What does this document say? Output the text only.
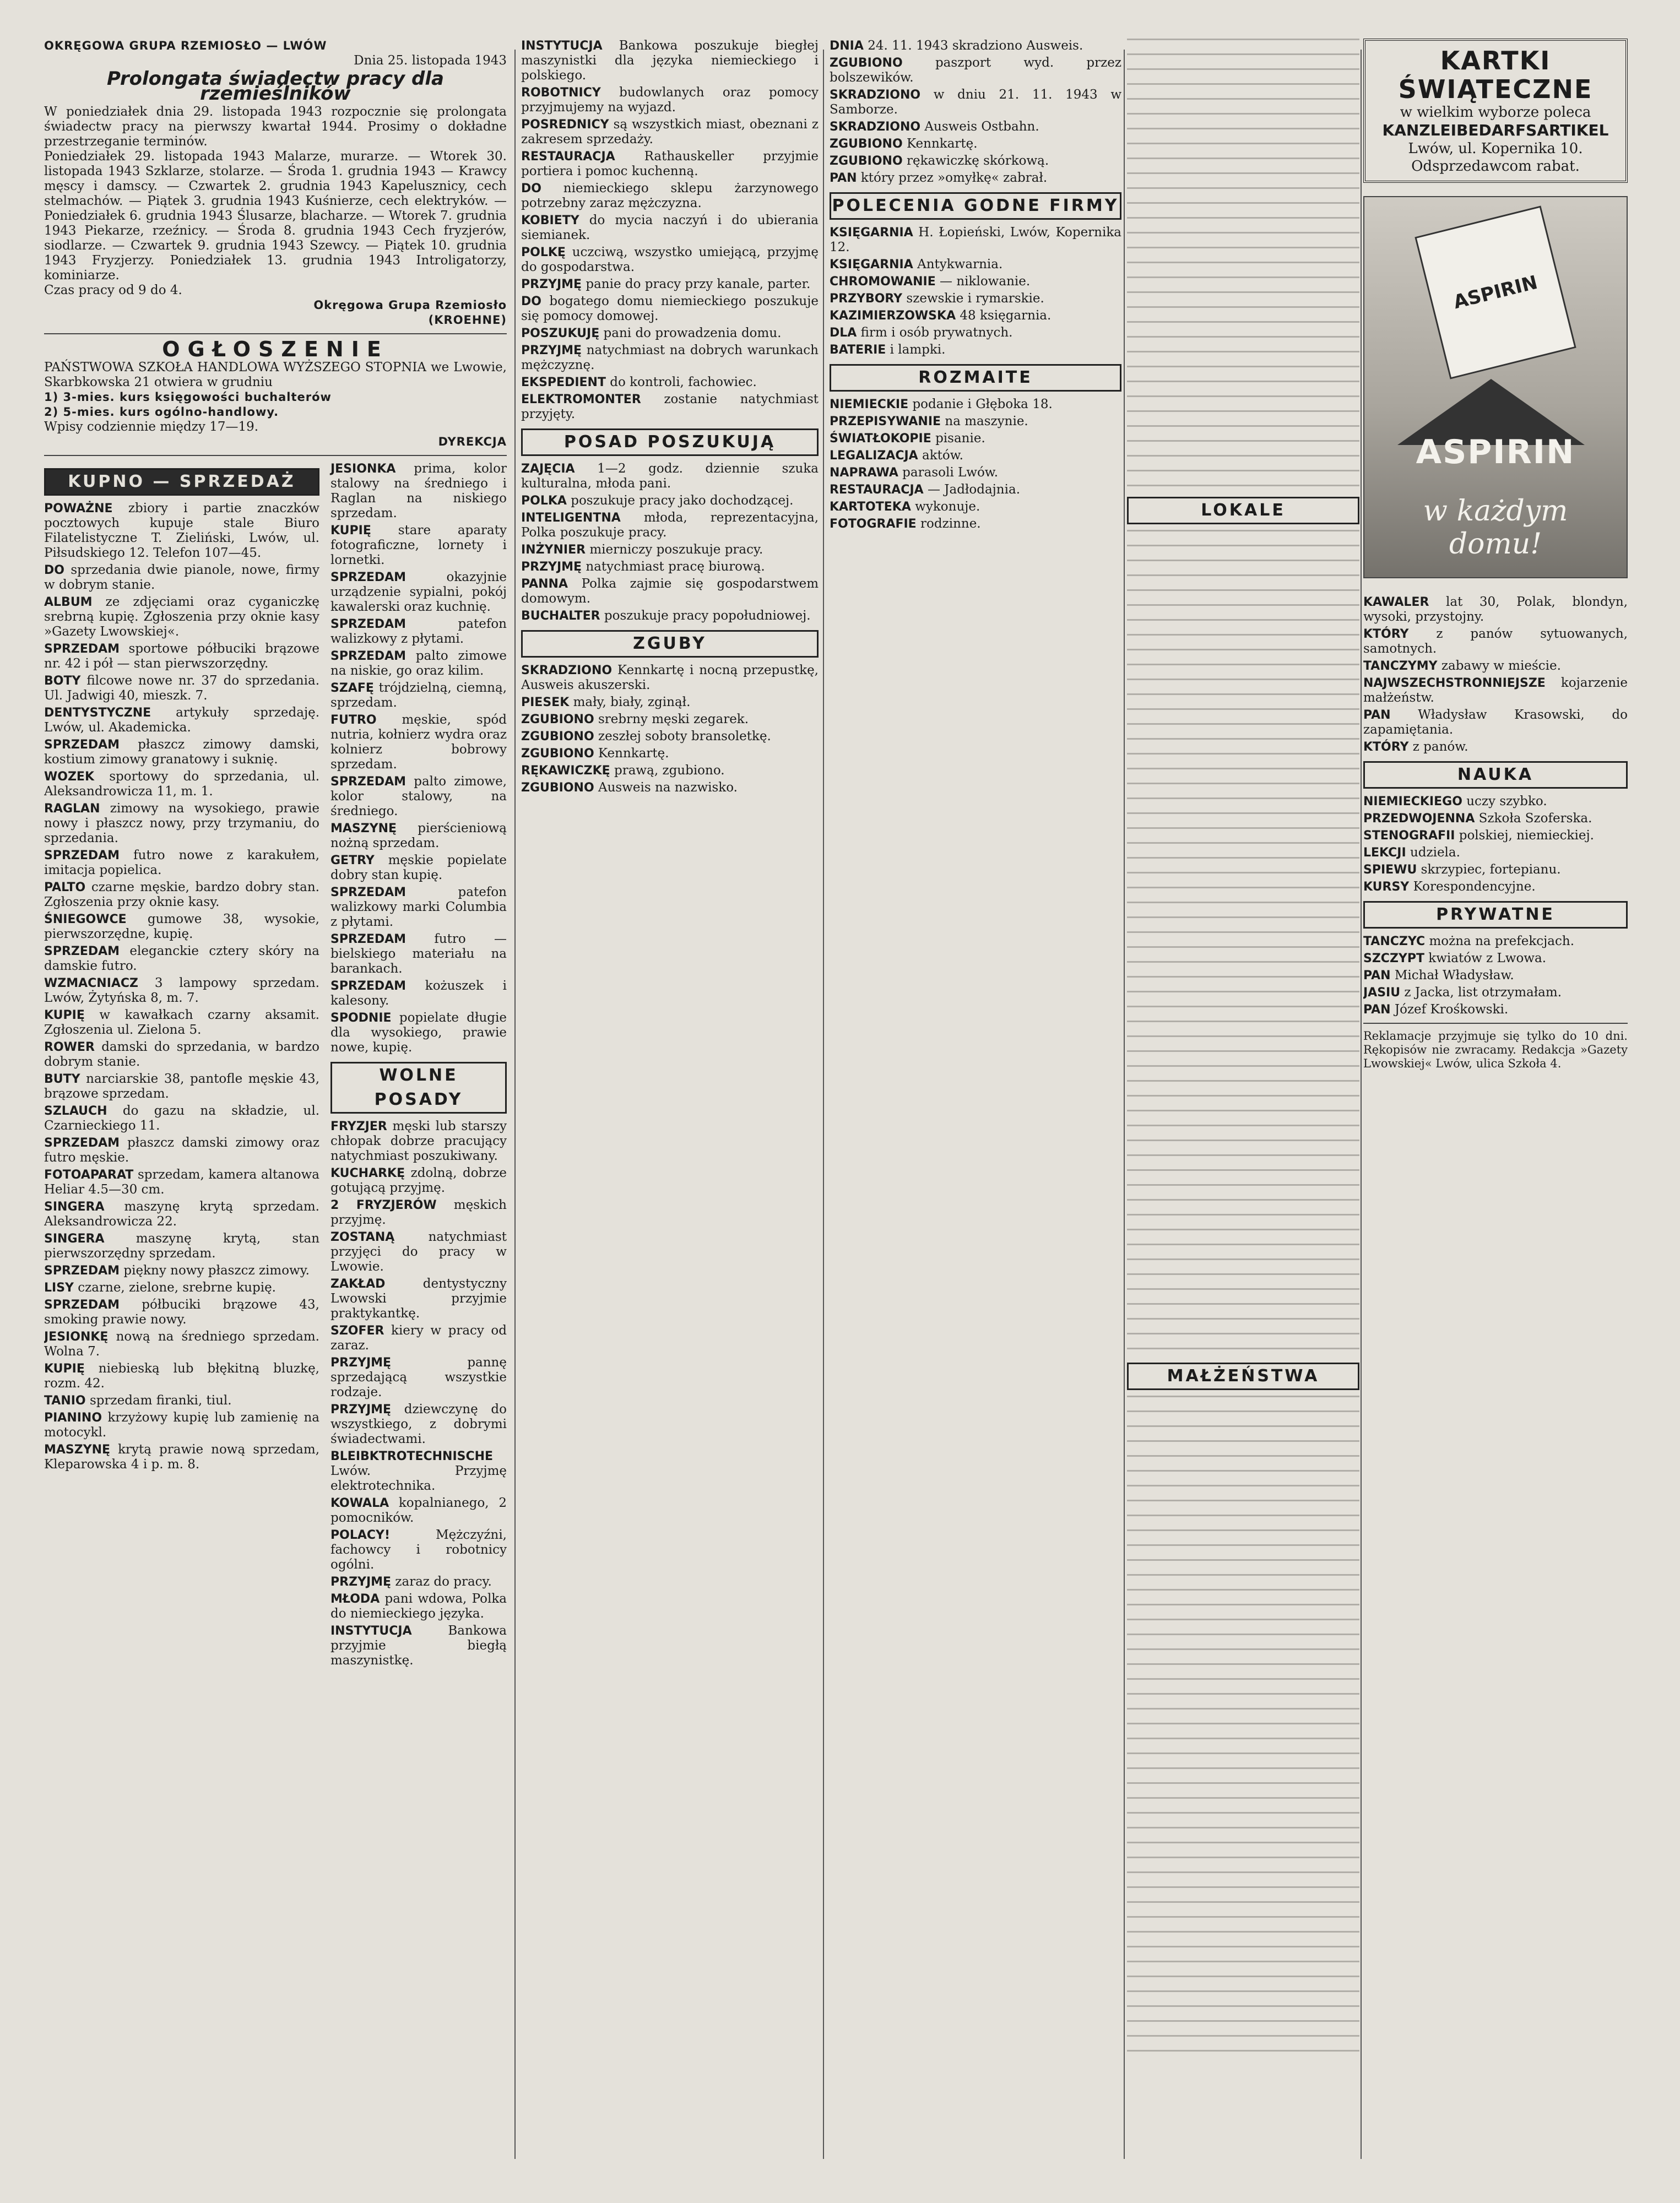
OKRĘGOWA GRUPA RZEMIOSŁO — LWÓW
Dnia 25. listopada 1943
Prolongata świadectw pracy dla rzemieślników
W poniedziałek dnia 29. listopada 1943 rozpocznie się prolongata świadectw pracy na pierwszy kwartał 1944. Prosimy o dokładne przestrzeganie terminów.
Poniedziałek 29. listopada 1943 Malarze, murarze. — Wtorek 30. listopada 1943 Szklarze, stolarze. — Środa 1. grudnia 1943 — Krawcy męscy i damscy. — Czwartek 2. grudnia 1943 Kapelusznicy, cech stelmachów. — Piątek 3. grudnia 1943 Kuśnierze, cech elektryków. — Poniedziałek 6. grudnia 1943 Ślusarze, blacharze. — Wtorek 7. grudnia 1943 Piekarze, rzeźnicy. — Środa 8. grudnia 1943 Cech fryzjerów, siodlarze. — Czwartek 9. grudnia 1943 Szewcy. — Piątek 10. grudnia 1943 Fryzjerzy. Poniedziałek 13. grudnia 1943 Introligatorzy, kominiarze.
Czas pracy od 9 do 4.
Okręgowa Grupa Rzemiosło
(KROEHNE)
OGŁOSZENIE
PAŃSTWOWA SZKOŁA HANDLOWA WYŻSZEGO STOPNIA we Lwowie, Skarbkowska 21 otwiera w grudniu
1) 3-mies. kurs księgowości buchalterów
2) 5-mies. kurs ogólno-handlowy.
Wpisy codziennie między 17—19.
DYREKCJA
KUPNO — SPRZEDAŻ
POWAŻNE zbiory i partie znaczków pocztowych kupuje stale Biuro Filatelistyczne T. Zieliński, Lwów, ul. Piłsudskiego 12. Telefon 107—45.
DO sprzedania dwie pianole, nowe, firmy w dobrym stanie.
ALBUM ze zdjęciami oraz cyganiczkę srebrną kupię. Zgłoszenia przy oknie kasy »Gazety Lwowskiej«.
SPRZEDAM sportowe półbuciki brązowe nr. 42 i pół — stan pierwszorzędny.
BOTY filcowe nowe nr. 37 do sprzedania. Ul. Jadwigi 40, mieszk. 7.
DENTYSTYCZNE artykuły sprzedaję. Lwów, ul. Akademicka.
SPRZEDAM płaszcz zimowy damski, kostium zimowy granatowy i suknię.
WOZEK sportowy do sprzedania, ul. Aleksandrowicza 11, m. 1.
RAGLAN zimowy na wysokiego, prawie nowy i płaszcz nowy, przy trzymaniu, do sprzedania.
SPRZEDAM futro nowe z karakułem, imitacja popielica.
PALTO czarne męskie, bardzo dobry stan. Zgłoszenia przy oknie kasy.
ŚNIEGOWCE gumowe 38, wysokie, pierwszorzędne, kupię.
SPRZEDAM eleganckie cztery skóry na damskie futro.
WZMACNIACZ 3 lampowy sprzedam. Lwów, Żytyńska 8, m. 7.
KUPIĘ w kawałkach czarny aksamit. Zgłoszenia ul. Zielona 5.
ROWER damski do sprzedania, w bardzo dobrym stanie.
BUTY narciarskie 38, pantofle męskie 43, brązowe sprzedam.
SZLAUCH do gazu na składzie, ul. Czarnieckiego 11.
SPRZEDAM płaszcz damski zimowy oraz futro męskie.
FOTOAPARAT sprzedam, kamera altanowa Heliar 4.5—30 cm.
SINGERA maszynę krytą sprzedam. Aleksandrowicza 22.
SINGERA maszynę krytą, stan pierwszorzędny sprzedam.
SPRZEDAM piękny nowy płaszcz zimowy.
LISY czarne, zielone, srebrne kupię.
SPRZEDAM półbuciki brązowe 43, smoking prawie nowy.
JESIONKĘ nową na średniego sprzedam. Wolna 7.
KUPIĘ niebieską lub błękitną bluzkę, rozm. 42.
TANIO sprzedam firanki, tiul.
PIANINO krzyżowy kupię lub zamienię na motocykl.
MASZYNĘ krytą prawie nową sprzedam, Kleparowska 4 i p. m. 8.
JESIONKA prima, kolor stalowy na średniego i Raglan na niskiego sprzedam.
KUPIĘ stare aparaty fotograficzne, lornety i lornetki.
SPRZEDAM	okazyjnie urządzenie sypialni, pokój kawalerski oraz kuchnię.
SPRZEDAM	patefon walizkowy z płytami.
SPRZEDAM palto zimowe na niskie, go oraz kilim.
SZAFĘ trójdzielną, ciemną, sprzedam.
FUTRO męskie, spód nutria, kołnierz wydra oraz kolnierz bobrowy sprzedam.
SPRZEDAM palto zimowe, kolor stalowy, na średniego.
MASZYNĘ pierścieniową nożną sprzedam.
GETRY męskie popielate dobry stan kupię.
SPRZEDAM	patefon walizkowy marki Columbia z płytami.
SPRZEDAM futro — bielskiego materiału na barankach.
SPRZEDAM kożuszek i kalesony.
SPODNIE popielate długie dla wysokiego, prawie nowe, kupię.
WOLNE POSADY
FRYZJER męski lub starszy chłopak dobrze pracujący natychmiast poszukiwany.
KUCHARKĘ zdolną, dobrze gotującą przyjmę.
2 FRYZJERÓW męskich przyjmę.
ZOSTANĄ	natychmiast przyjęci do pracy w Lwowie.
ZAKŁAD	dentystyczny Lwowski przyjmie praktykantkę.
SZOFER kiery w pracy od zaraz.
PRZYJMĘ	pannę sprzedającą wszystkie rodzaje.
PRZYJMĘ dziewczynę do wszystkiego, z dobrymi świadectwami.
BLEIBKTROTECHNISCHE Lwów. Przyjmę elektrotechnika.
KOWALA kopalnianego, 2 pomocników.
POLACY!	Mężczyźni, fachowcy i robotnicy ogólni.
PRZYJMĘ zaraz do pracy.
MŁODA pani wdowa, Polka do niemieckiego języka.
INSTYTUCJA	Bankowa przyjmie biegłą maszynistkę.
INSTYTUCJA Bankowa poszukuje biegłej maszynistki dla języka niemieckiego i polskiego.
ROBOTNICY budowlanych oraz pomocy przyjmujemy na wyjazd.
POSREDNICY są wszystkich miast, obeznani z zakresem sprzedaży.
RESTAURACJA Rathauskeller przyjmie portiera i pomoc kuchenną.
DO niemieckiego sklepu żarzynowego potrzebny zaraz mężczyzna.
KOBIETY do mycia naczyń i do ubierania siemianek.
POLKĘ uczciwą, wszystko umiejącą, przyjmę do gospodarstwa.
PRZYJMĘ panie do pracy przy kanale, parter.
DO bogatego domu niemieckiego poszukuje się pomocy domowej.
POSZUKUJĘ pani do prowadzenia domu.
PRZYJMĘ natychmiast na dobrych warunkach mężczyznę.
EKSPEDIENT do kontroli, fachowiec.
ELEKTROMONTER zostanie natychmiast przyjęty.
POSAD POSZUKUJĄ
ZAJĘCIA 1—2 godz. dziennie szuka kulturalna, młoda pani.
POLKA poszukuje pracy jako dochodzącej.
INTELIGENTNA młoda, reprezentacyjna, Polka poszukuje pracy.
INŻYNIER mierniczy poszukuje pracy.
PRZYJMĘ natychmiast pracę biurową.
PANNA Polka zajmie się gospodarstwem domowym.
BUCHALTER poszukuje pracy popołudniowej.
ZGUBY
SKRADZIONO Kennkartę i nocną przepustkę, Ausweis akuszerski.
PIESEK mały, biały, zginął.
ZGUBIONO srebrny męski zegarek.
ZGUBIONO zeszłej soboty bransoletkę.
ZGUBIONO Kennkartę.
RĘKAWICZKĘ prawą, zgubiono.
ZGUBIONO Ausweis na nazwisko.
DNIA 24. 11. 1943 skradziono Ausweis.
ZGUBIONO	paszport wyd. przez bolszewików.
SKRADZIONO w dniu 21. 11. 1943 w Samborze.
SKRADZIONO Ausweis Ostbahn.
ZGUBIONO Kennkartę.
ZGUBIONO rękawiczkę skórkową.
PAN który przez »omyłkę« zabrał.
POLECENIA GODNE FIRMY
KSIĘGARNIA H. Łopieński, Lwów, Kopernika 12.
KSIĘGARNIA Antykwarnia.
CHROMOWANIE — niklowanie.
PRZYBORY szewskie i rymarskie.
KAZIMIERZOWSKA 48 księgarnia.
DLA firm i osób prywatnych.
BATERIE i lampki.
ROZMAITE
NIEMIECKIE podanie i Głęboka 18.
PRZEPISYWANIE na maszynie.
ŚWIATŁOKOPIE pisanie.
LEGALIZACJA aktów.
NAPRAWA parasoli Lwów.
RESTAURACJA — Jadłodajnia.
KARTOTEKA wykonuje.
FOTOGRAFIE rodzinne.
LOKALE
MAŁŻEŃSTWA
KARTKI ŚWIĄTECZNE
w wielkim wyborze poleca
KANZLEIBEDARFSARTIKEL
Lwów, ul. Kopernika 10.
Odsprzedawcom rabat.
ASPIRIN
ASPIRIN
w każdym domu!
KAWALER lat 30, Polak, blondyn, wysoki, przystojny.
KTÓRY z panów sytuowanych, samotnych.
TANCZYMY zabawy w mieście.
NAJWSZECHSTRONNIEJSZE kojarzenie małżeństw.
PAN Władysław Krasowski, do zapamiętania.
KTÓRY z panów.
NAUKA
NIEMIECKIEGO uczy szybko.
PRZEDWOJENNA Szkoła Szoferska.
STENOGRAFII polskiej, niemieckiej.
LEKCJI udziela.
SPIEWU skrzypiec, fortepianu.
KURSY Korespondencyjne.
PRYWATNE
TANCZYC można na prefekcjach.
SZCZYPT kwiatów z Lwowa.
PAN Michał Władysław.
JASIU z Jacka, list otrzymałam.
PAN Józef Krośkowski.
Reklamacje przyjmuje się tylko do 10 dni. Rękopisów nie zwracamy. Redakcja »Gazety Lwowskiej« Lwów, ulica Szkoła 4.
